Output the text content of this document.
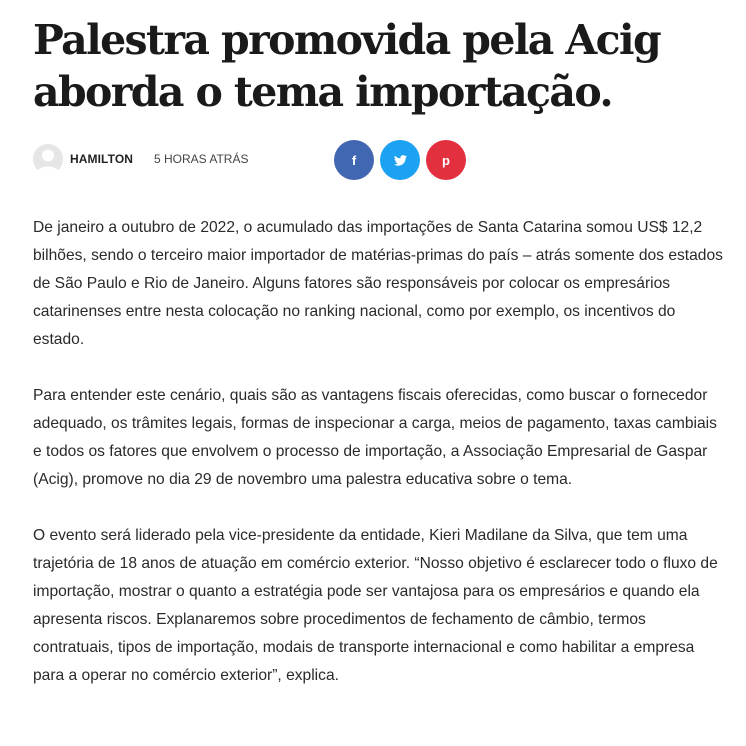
Palestra promovida pela Acig aborda o tema importação.
HAMILTON 5 HORAS ATRÁS	f	p

De janeiro a outubro de 2022, o acumulado das importações de Santa Catarina somou US$ 12,2 bilhões, sendo o terceiro maior importador de matérias-primas do país – atrás somente dos estados de São Paulo e Rio de Janeiro. Alguns fatores são responsáveis por colocar os empresários catarinenses entre nesta colocação no ranking nacional, como por exemplo, os incentivos do estado.

Para entender este cenário, quais são as vantagens fiscais oferecidas, como buscar o fornecedor adequado, os trâmites legais, formas de inspecionar a carga, meios de pagamento, taxas cambiais e todos os fatores que envolvem o processo de importação, a Associação Empresarial de Gaspar (Acig), promove no dia 29 de novembro uma palestra educativa sobre o tema.

O evento será liderado pela vice-presidente da entidade, Kieri Madilane da Silva, que tem uma trajetória de 18 anos de atuação em comércio exterior. “Nosso objetivo é esclarecer todo o fluxo de importação, mostrar o quanto a estratégia pode ser vantajosa para os empresários e quando ela apresenta riscos. Explanaremos sobre procedimentos de fechamento de câmbio, termos contratuais, tipos de importação, modais de transporte internacional e como habilitar a empresa para a operar no comércio exterior”, explica.
